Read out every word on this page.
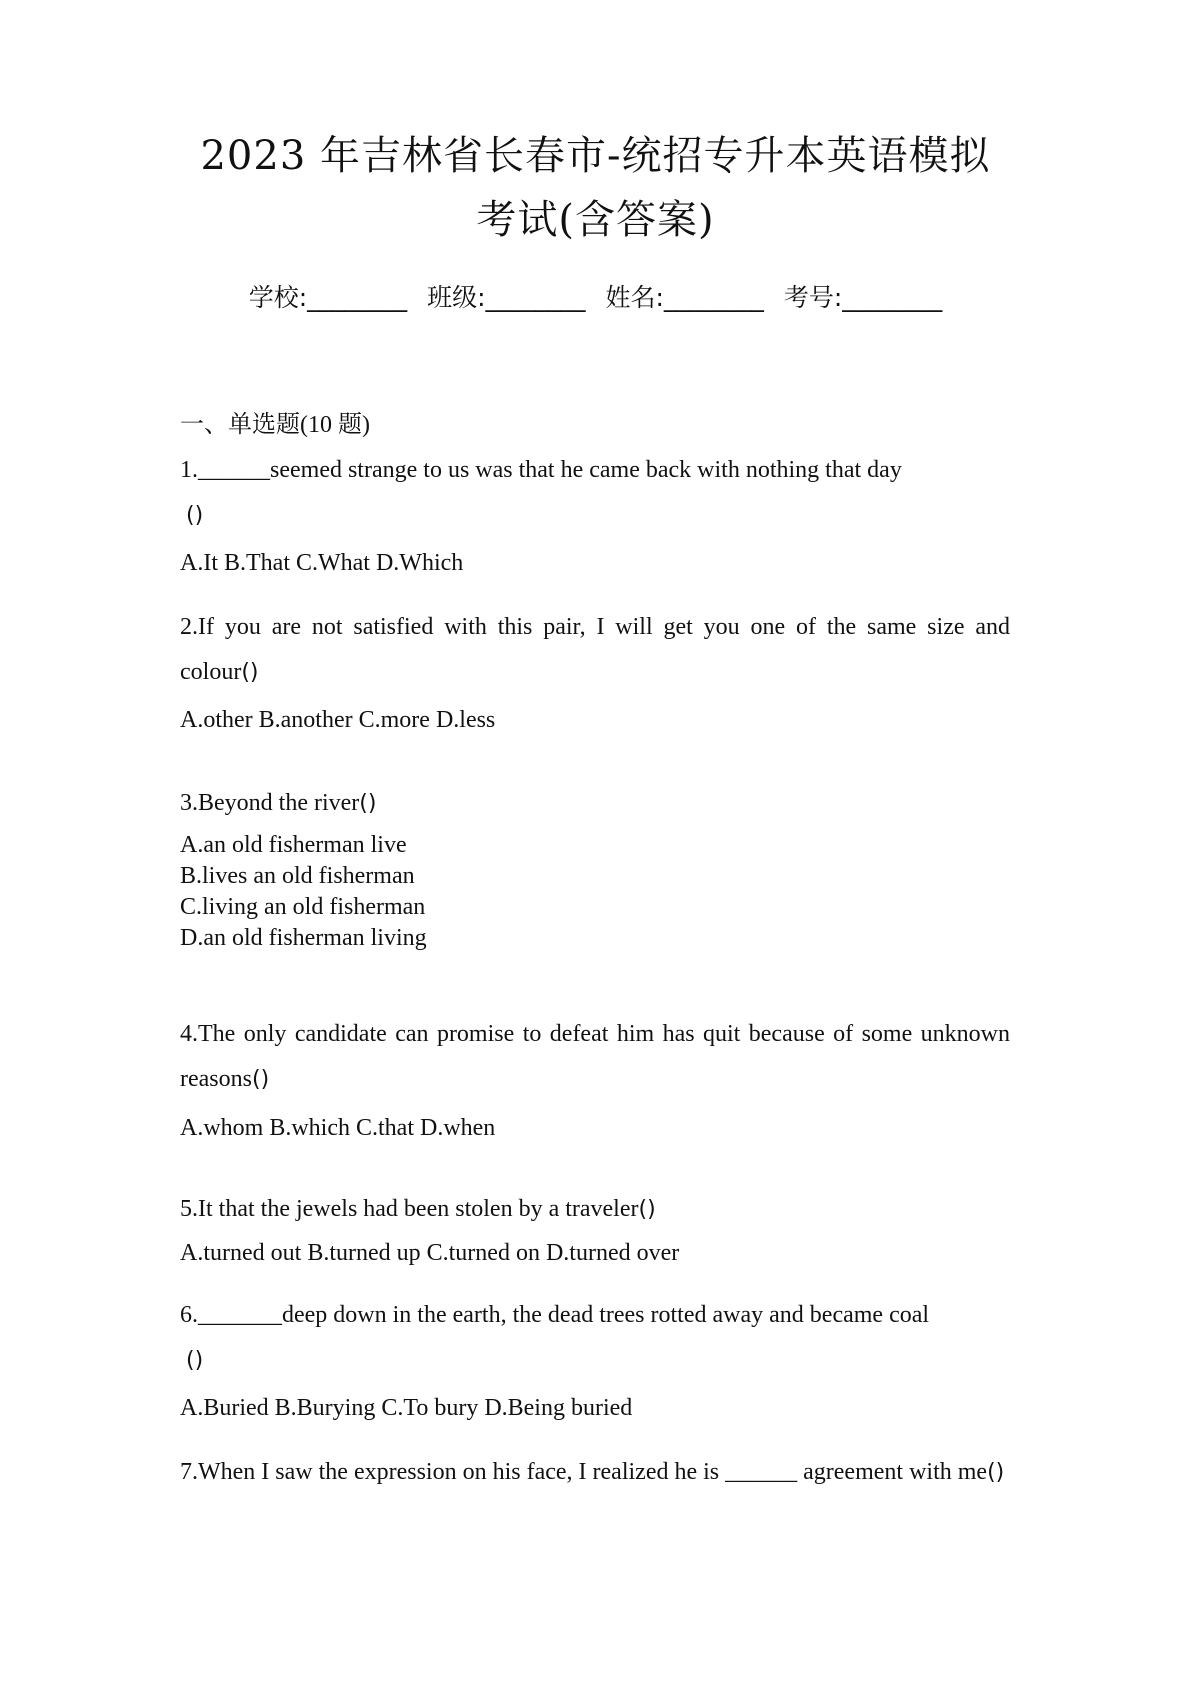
2023 年吉林省长春市-统招专升本英语模拟
考试(含答案)
学校:________ 班级:________ 姓名:________ 考号:________
一、单选题(10 题)
1.______seemed strange to us was that he came back with nothing that day
()
A.It B.That C.What D.Which
2.If you are not satisfied with this pair, I will get you one of the same size and colour()
A.other B.another C.more D.less
3.Beyond the river()
A.an old fisherman live
B.lives an old fisherman
C.living an old fisherman
D.an old fisherman living
4.The only candidate can promise to defeat him has quit because of some unknown reasons()
A.whom B.which C.that D.when
5.It that the jewels had been stolen by a traveler()
A.turned out B.turned up C.turned on D.turned over
6._______deep down in the earth, the dead trees rotted away and became coal
()
A.Buried B.Burying C.To bury D.Being buried
7.When I saw the expression on his face, I realized he is ______ agreement with me()
